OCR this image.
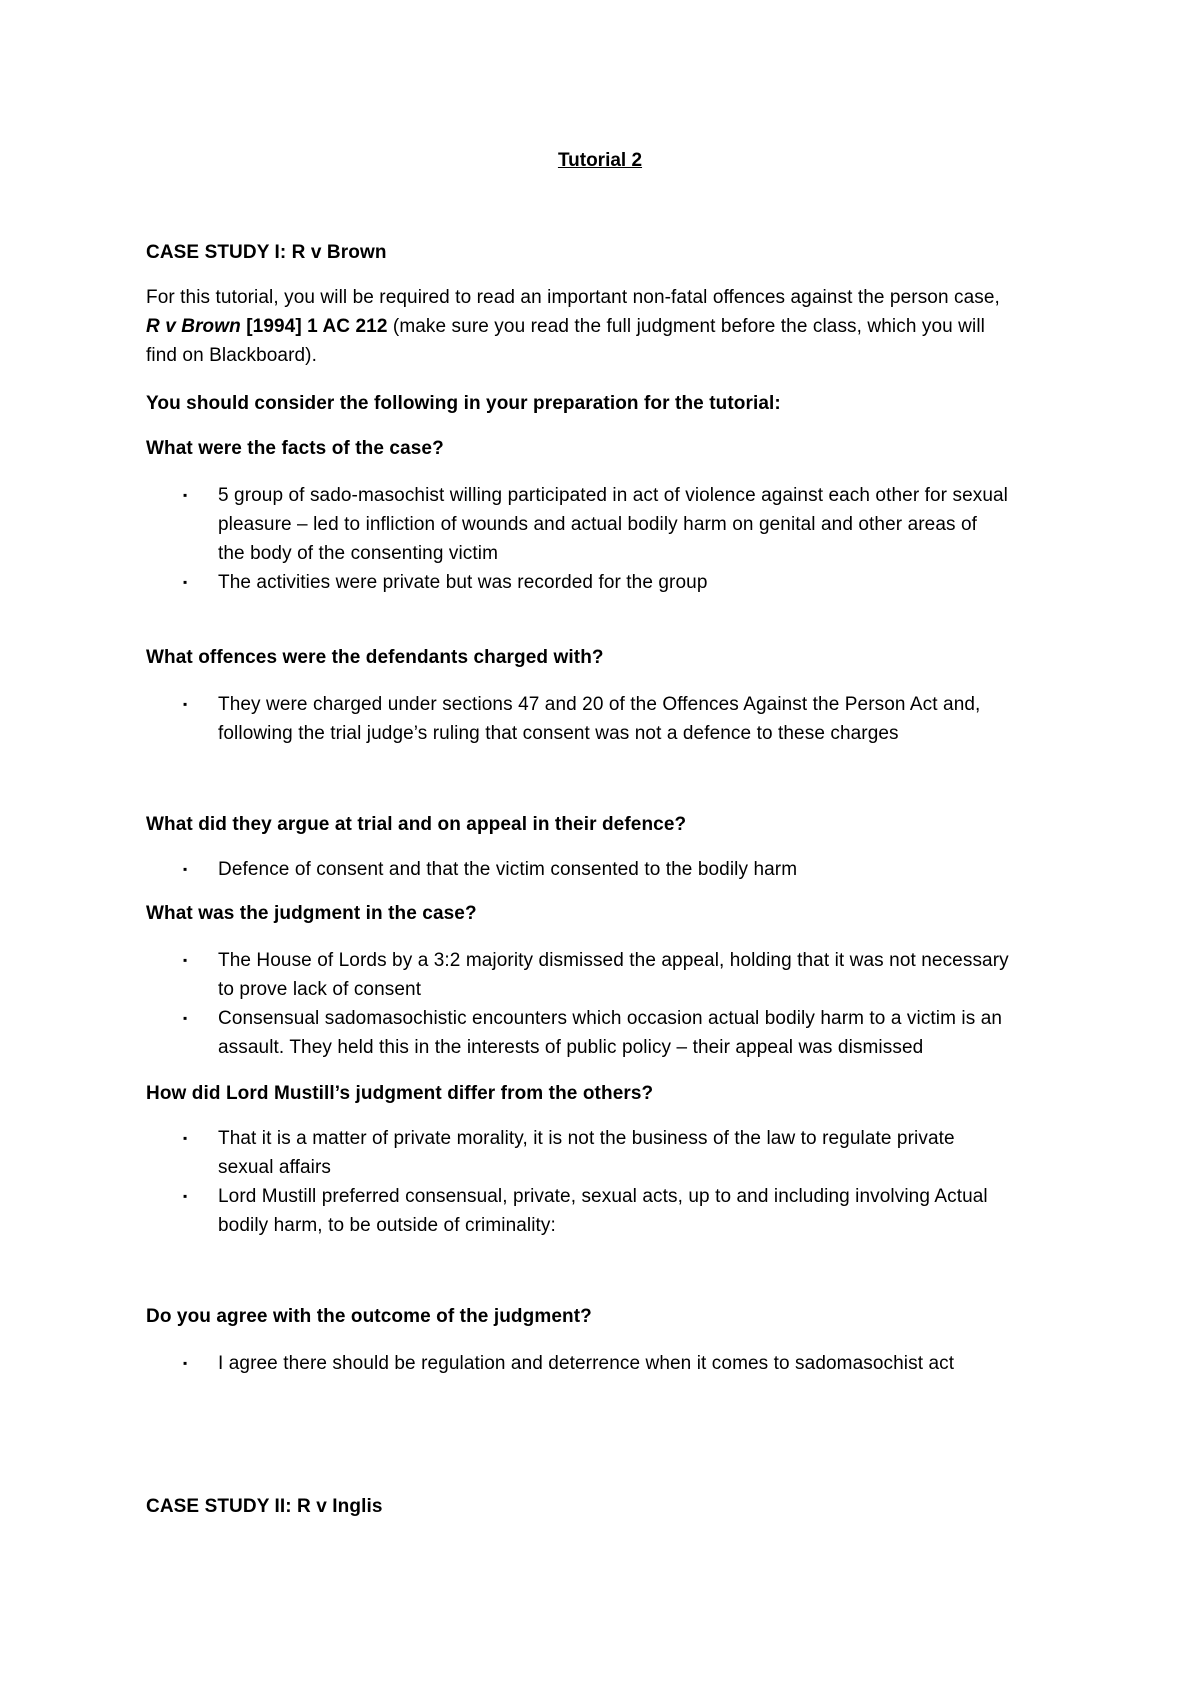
Tutorial 2
CASE STUDY I: R v Brown
For this tutorial, you will be required to read an important non-fatal offences against the person case,
R v Brown [1994] 1 AC 212 (make sure you read the full judgment before the class, which you will
find on Blackboard).
You should consider the following in your preparation for the tutorial:
What were the facts of the case?
▪ 5 group of sado-masochist willing participated in act of violence against each other for sexual
pleasure – led to infliction of wounds and actual bodily harm on genital and other areas of
the body of the consenting victim
▪ The activities were private but was recorded for the group
What offences were the defendants charged with?
▪ They were charged under sections 47 and 20 of the Offences Against the Person Act and,
following the trial judge’s ruling that consent was not a defence to these charges
What did they argue at trial and on appeal in their defence?
▪ Defence of consent and that the victim consented to the bodily harm
What was the judgment in the case?
▪ The House of Lords by a 3:2 majority dismissed the appeal, holding that it was not necessary
to prove lack of consent
▪ Consensual sadomasochistic encounters which occasion actual bodily harm to a victim is an
assault. They held this in the interests of public policy – their appeal was dismissed
How did Lord Mustill’s judgment differ from the others?
▪ That it is a matter of private morality, it is not the business of the law to regulate private
sexual affairs
▪ Lord Mustill preferred consensual, private, sexual acts, up to and including involving Actual
bodily harm, to be outside of criminality:
Do you agree with the outcome of the judgment?
▪ I agree there should be regulation and deterrence when it comes to sadomasochist act
CASE STUDY II: R v Inglis
